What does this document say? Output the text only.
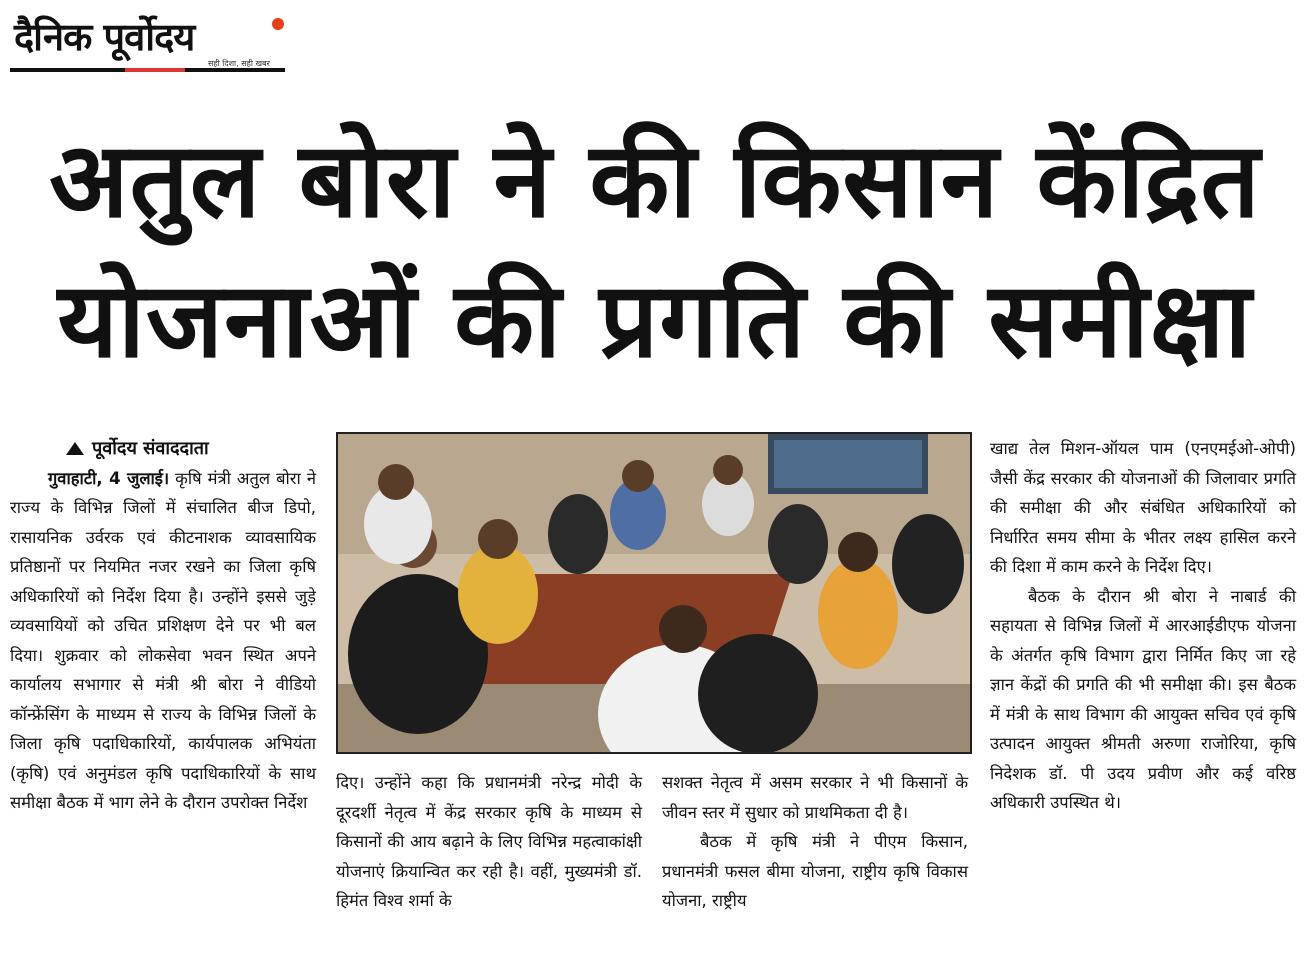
दैनिक पूर्वोदय
सही दिशा, सही खबर
अतुल बोरा ने की किसान केंद्रित
योजनाओं की प्रगति की समीक्षा
पूर्वोदय संवाददाता
गुवाहाटी, 4 जुलाई। कृषि मंत्री अतुल बोरा ने राज्य के विभिन्न जिलों में संचालित बीज डिपो, रासायनिक उर्वरक एवं कीटनाशक व्यावसायिक प्रतिष्ठानों पर नियमित नजर रखने का जिला कृषि अधिकारियों को निर्देश दिया है। उन्होंने इससे जुड़े व्यवसायियों को उचित प्रशिक्षण देने पर भी बल दिया। शुक्रवार को लोकसेवा भवन स्थित अपने कार्यालय सभागार से मंत्री श्री बोरा ने वीडियो कॉन्फ्रेंसिंग के माध्यम से राज्य के विभिन्न जिलों के जिला कृषि पदाधिकारियों, कार्यपालक अभियंता (कृषि) एवं अनुमंडल कृषि पदाधिकारियों के साथ समीक्षा बैठक में भाग लेने के दौरान उपरोक्त निर्देश
दिए। उन्होंने कहा कि प्रधानमंत्री नरेन्द्र मोदी के दूरदर्शी नेतृत्व में केंद्र सरकार कृषि के माध्यम से किसानों की आय बढ़ाने के लिए विभिन्न महत्वाकांक्षी योजनाएं क्रियान्वित कर रही है। वहीं, मुख्यमंत्री डॉ. हिमंत विश्व शर्मा के
सशक्त नेतृत्व में असम सरकार ने भी किसानों के जीवन स्तर में सुधार को प्राथमिकता दी है।
बैठक में कृषि मंत्री ने पीएम किसान, प्रधानमंत्री फसल बीमा योजना, राष्ट्रीय कृषि विकास योजना, राष्ट्रीय
खाद्य तेल मिशन-ऑयल पाम (एनएमईओ-ओपी) जैसी केंद्र सरकार की योजनाओं की जिलावार प्रगति की समीक्षा की और संबंधित अधिकारियों को निर्धारित समय सीमा के भीतर लक्ष्य हासिल करने की दिशा में काम करने के निर्देश दिए।
बैठक के दौरान श्री बोरा ने नाबार्ड की सहायता से विभिन्न जिलों में आरआईडीएफ योजना के अंतर्गत कृषि विभाग द्वारा निर्मित किए जा रहे ज्ञान केंद्रों की प्रगति की भी समीक्षा की। इस बैठक में मंत्री के साथ विभाग की आयुक्त सचिव एवं कृषि उत्पादन आयुक्त श्रीमती अरुणा राजोरिया, कृषि निदेशक डॉ. पी उदय प्रवीण और कई वरिष्ठ अधिकारी उपस्थित थे।
